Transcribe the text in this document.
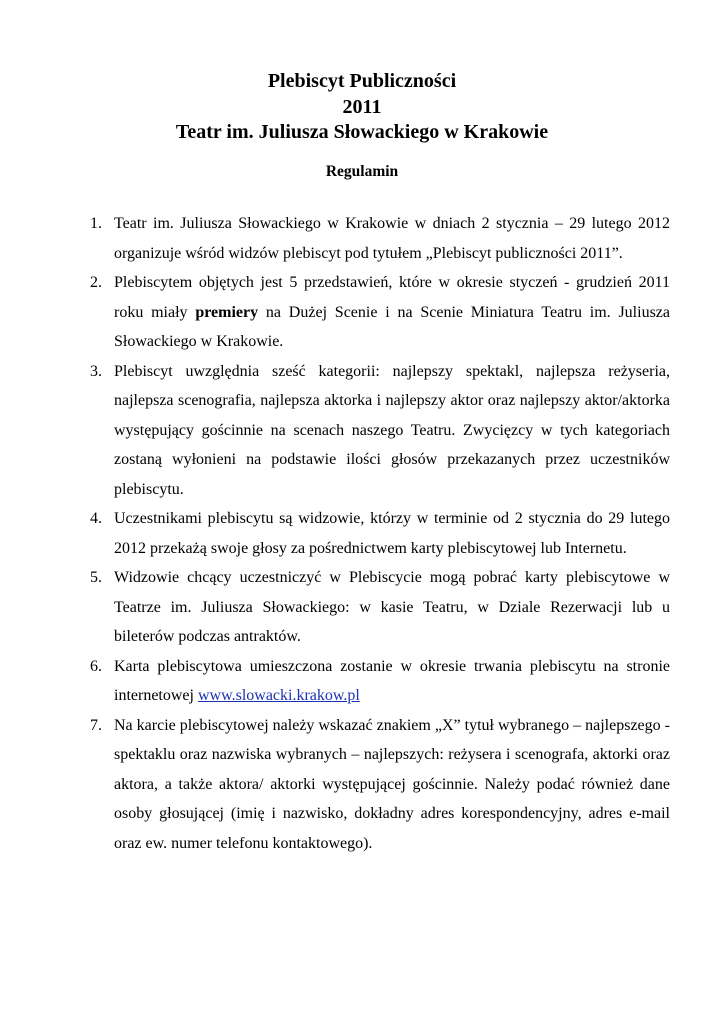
Plebiscyt Publiczności
2011
Teatr im. Juliusza Słowackiego w Krakowie
Regulamin
1. Teatr im. Juliusza Słowackiego w Krakowie w dniach 2 stycznia – 29 lutego 2012 organizuje wśród widzów plebiscyt pod tytułem „Plebiscyt publiczności 2011”.
2. Plebiscytem objętych jest 5 przedstawień, które w okresie styczeń - grudzień 2011 roku miały premiery na Dużej Scenie i na Scenie Miniatura Teatru im. Juliusza Słowackiego w Krakowie.
3. Plebiscyt uwzględnia sześć kategorii: najlepszy spektakl, najlepsza reżyseria, najlepsza scenografia, najlepsza aktorka i najlepszy aktor oraz najlepszy aktor/aktorka występujący gościnnie na scenach naszego Teatru. Zwycięzcy w tych kategoriach zostaną wyłonieni na podstawie ilości głosów przekazanych przez uczestników plebiscytu.
4. Uczestnikami plebiscytu są widzowie, którzy w terminie od 2 stycznia do 29 lutego 2012 przekażą swoje głosy za pośrednictwem karty plebiscytowej lub Internetu.
5. Widzowie chcący uczestniczyć w Plebiscycie mogą pobrać karty plebiscytowe w Teatrze im. Juliusza Słowackiego: w kasie Teatru, w Dziale Rezerwacji lub u bileterów podczas antraktów.
6. Karta plebiscytowa umieszczona zostanie w okresie trwania plebiscytu na stronie internetowej www.slowacki.krakow.pl
7. Na karcie plebiscytowej należy wskazać znakiem „X” tytuł wybranego – najlepszego - spektaklu oraz nazwiska wybranych – najlepszych: reżysera i scenografa, aktorki oraz aktora, a także aktora/ aktorki występującej gościnnie. Należy podać również dane osoby głosującej (imię i nazwisko, dokładny adres korespondencyjny, adres e-mail oraz ew. numer telefonu kontaktowego).
